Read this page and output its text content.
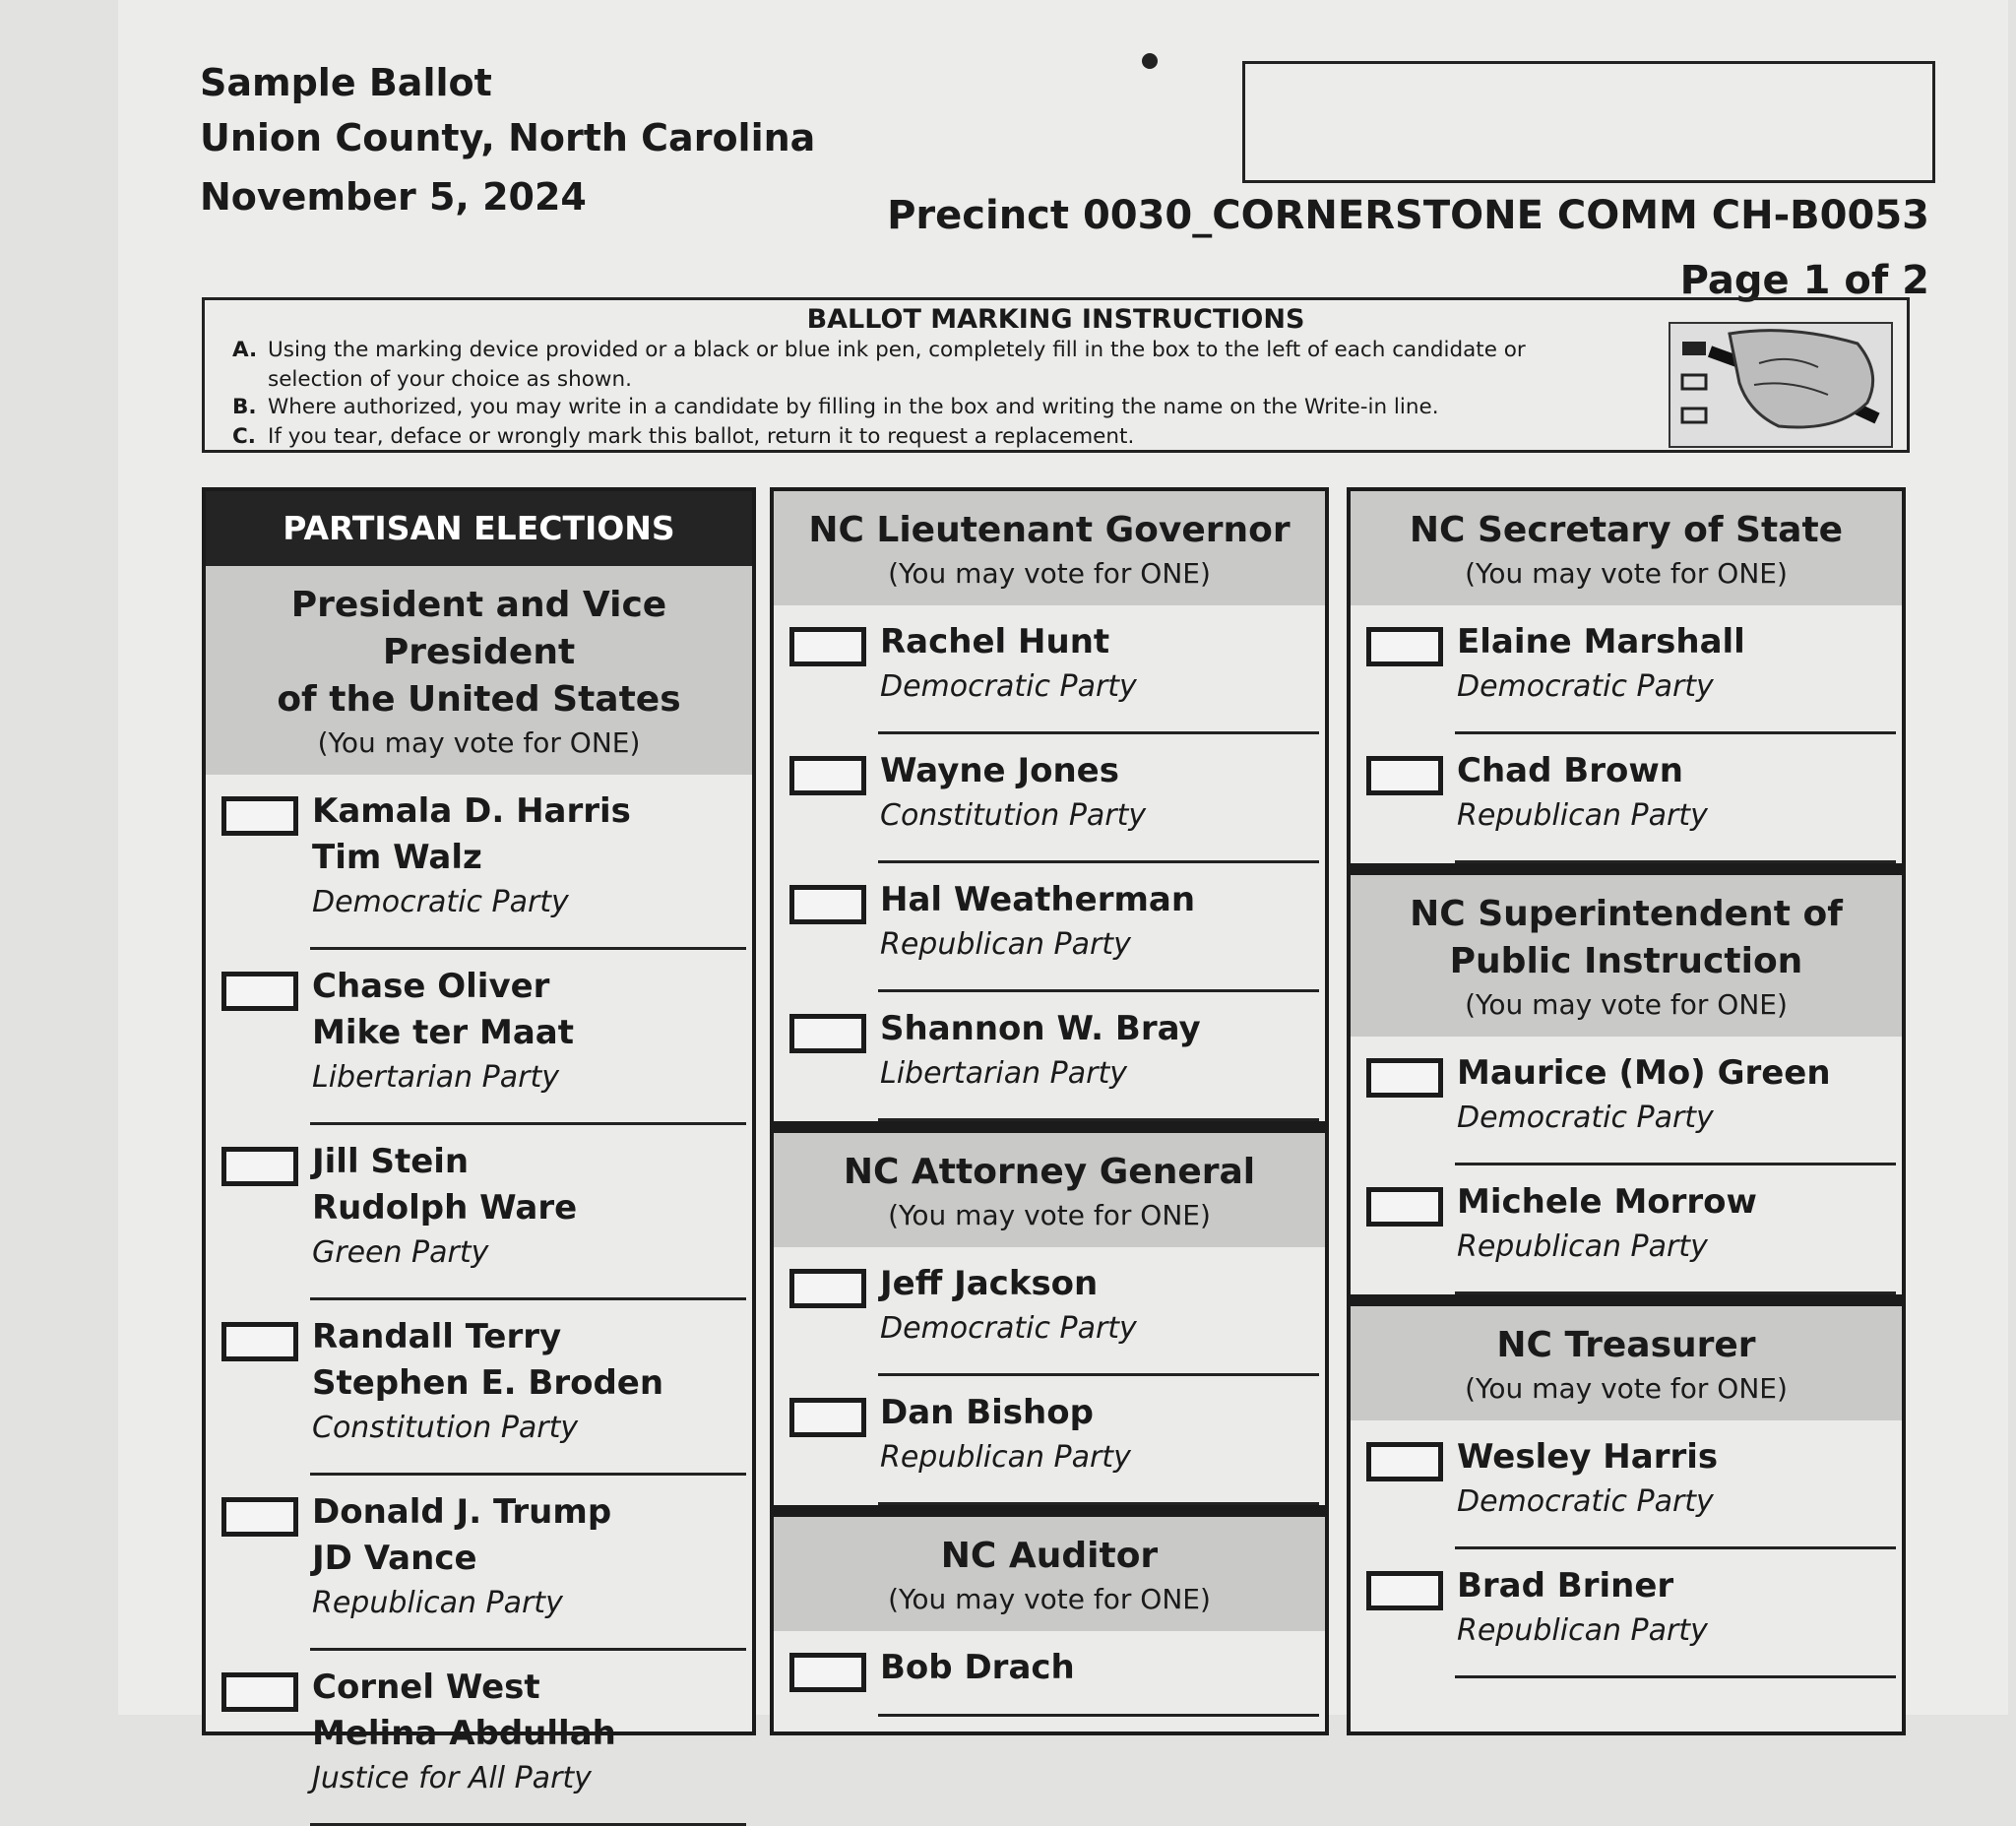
Sample Ballot
Union County, North Carolina
November 5, 2024	Precinct 0030_CORNERSTONE COMM CH-B0053
Page 1 of 2
BALLOT MARKING INSTRUCTIONS
A. Using the marking device provided or a black or blue ink pen, completely fill in the box to the left of each candidate or
selection of your choice as shown.
B. Where authorized, you may write in a candidate by filling in the box and writing the name on the Write-in line.
C. If you tear, deface or wrongly mark this ballot, return it to request a replacement.
PARTISAN ELECTIONS
President and Vice President
of the United States
(You may vote for ONE)
Kamala D. Harris
Tim Walz
Democratic Party
Chase Oliver
Mike ter Maat
Libertarian Party
Jill Stein
Rudolph Ware
Green Party
Randall Terry
Stephen E. Broden
Constitution Party
Donald J. Trump
JD Vance
Republican Party
Cornel West
Melina Abdullah
Justice for All Party
NC Lieutenant Governor
(You may vote for ONE)
Rachel Hunt
Democratic Party
Wayne Jones
Constitution Party
Hal Weatherman
Republican Party
Shannon W. Bray
Libertarian Party
NC Attorney General
(You may vote for ONE)
Jeff Jackson
Democratic Party
Dan Bishop
Republican Party
NC Auditor
(You may vote for ONE)
Bob Drach
NC Secretary of State
(You may vote for ONE)
Elaine Marshall
Democratic Party
Chad Brown
Republican Party
NC Superintendent of
Public Instruction
(You may vote for ONE)
Maurice (Mo) Green
Democratic Party
Michele Morrow
Republican Party
NC Treasurer
(You may vote for ONE)
Wesley Harris
Democratic Party
Brad Briner
Republican Party
